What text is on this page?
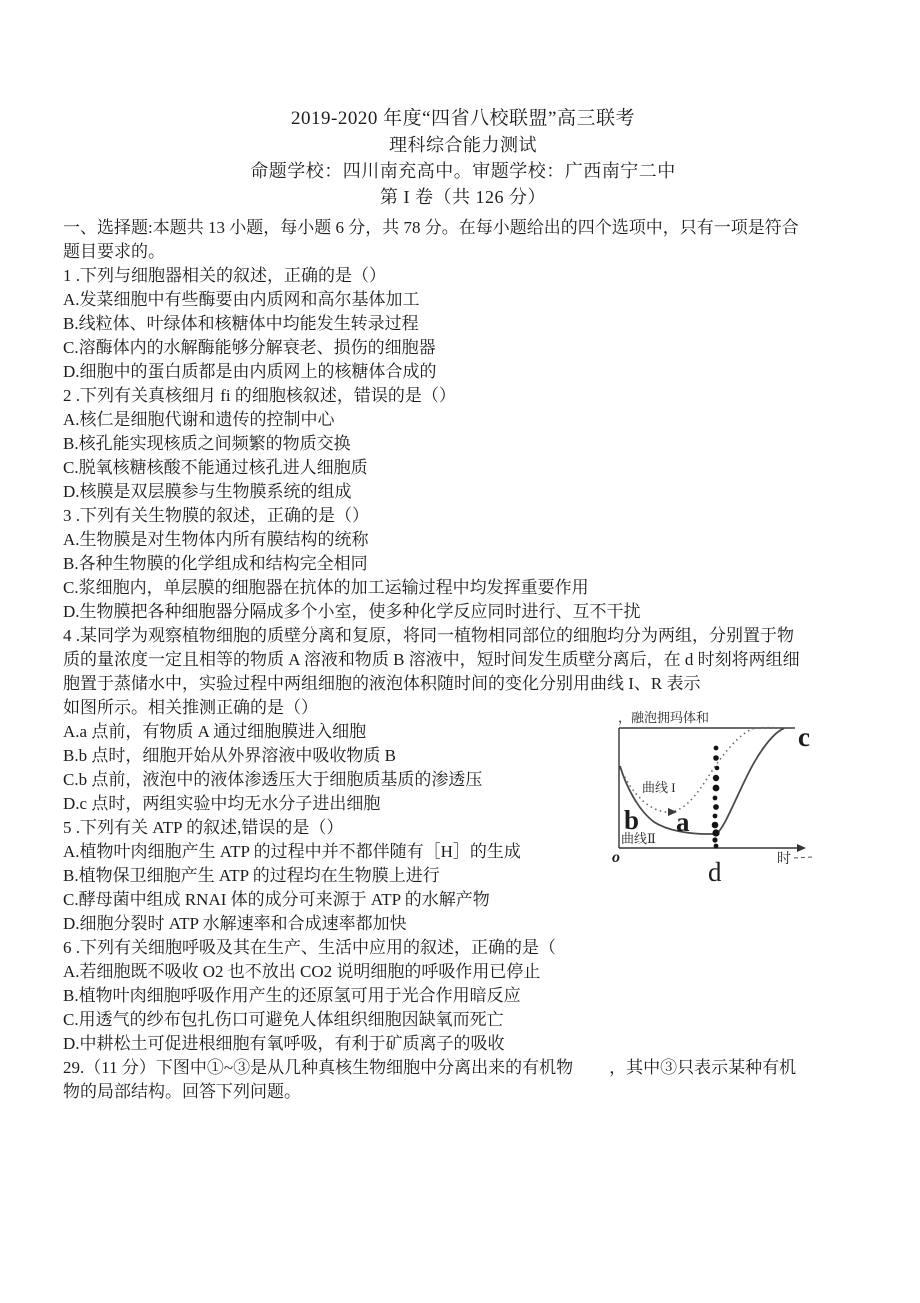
2019-2020 年度“四省八校联盟”高三联考
理科综合能力测试
命题学校：四川南充高中。审题学校：广西南宁二中
第 I 卷（共 126 分）
一、选择题:本题共 13 小题，每小题 6 分，共 78 分。在每小题给出的四个选项中，只有一项是符合
题目要求的。
1 .下列与细胞器相关的叙述，正确的是（）
A.发菜细胞中有些酶要由内质网和高尔基体加工
B.线粒体、叶绿体和核糖体中均能发生转录过程
C.溶酶体内的水解酶能够分解衰老、损伤的细胞器
D.细胞中的蛋白质都是由内质网上的核糖体合成的
2 .下列有关真核细月 fi 的细胞核叙述，错误的是（）
A.核仁是细胞代谢和遗传的控制中心
B.核孔能实现核质之间频繁的物质交换
C.脱氧核糖核酸不能通过核孔进人细胞质
D.核膜是双层膜参与生物膜系统的组成
3 .下列有关生物膜的叙述，正确的是（）
A.生物膜是对生物体内所有膜结构的统称
B.各种生物膜的化学组成和结构完全相同
C.浆细胞内，单层膜的细胞器在抗体的加工运输过程中均发挥重要作用
D.生物膜把各种细胞器分隔成多个小室，使多种化学反应同时进行、互不干扰
4 .某同学为观察植物细胞的质壁分离和复原，将同一植物相同部位的细胞均分为两组，分别置于物
质的量浓度一定且相等的物质 A 溶液和物质 B 溶液中，短时间发生质壁分离后，在 d 时刻将两组细
胞置于蒸储水中，实验过程中两组细胞的液泡体积随时间的变化分别用曲线 I、R 表示
如图所示。相关推测正确的是（）
A.a 点前，有物质 A 通过细胞膜进入细胞
B.b 点时，细胞开始从外界溶液中吸收物质 B
C.b 点前，液泡中的液体渗透压大于细胞质基质的渗透压
D.c 点时，两组实验中均无水分子进出细胞
5 .下列有关 ATP 的叙述,错误的是（）
A.植物叶肉细胞产生 ATP 的过程中并不都伴随有［H］的生成
B.植物保卫细胞产生 ATP 的过程均在生物膜上进行
C.酵母菌中组成 RNAI 体的成分可来源于 ATP 的水解产物
D.细胞分裂时 ATP 水解速率和合成速率都加快
6 .下列有关细胞呼吸及其在生产、生活中应用的叙述，正确的是（
A.若细胞既不吸收 O2 也不放出 CO2 说明细胞的呼吸作用已停止
B.植物叶肉细胞呼吸作用产生的还原氢可用于光合作用暗反应
C.用透气的纱布包扎伤口可避免人体组织细胞因缺氧而死亡
D.中耕松土可促进根细胞有氧呼吸，有利于矿质离子的吸收
29.（11 分）下图中①~③是从几种真核生物细胞中分离出来的有机物 ，其中③只表示某种有机
物的局部结构。回答下列问题。
，融泡拥玛体和
曲线 I
曲线Ⅱ
b a
c
d
o	时
